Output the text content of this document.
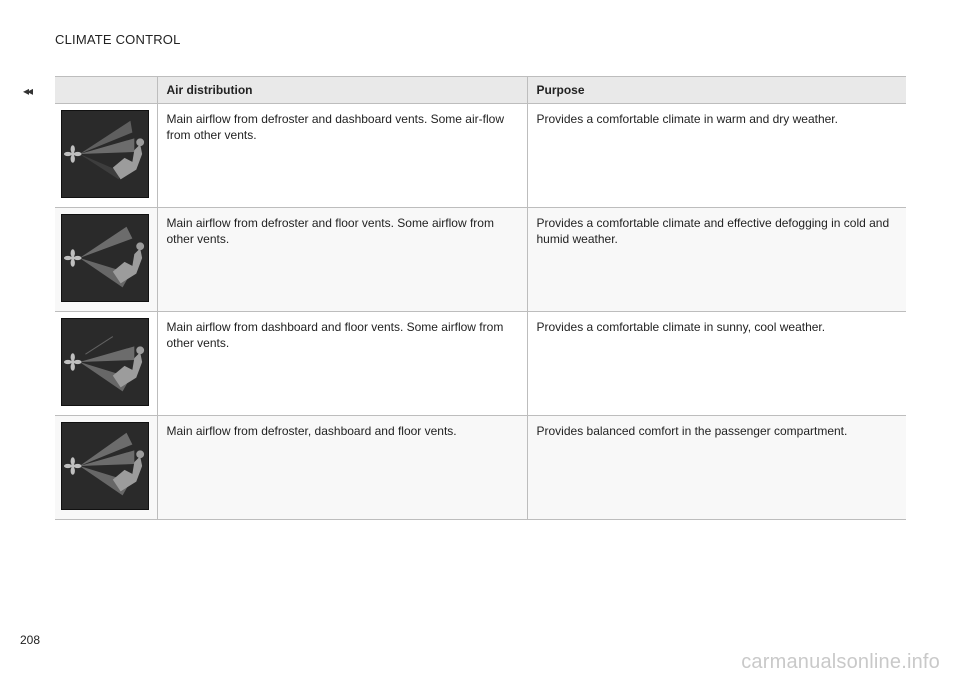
CLIMATE CONTROL
◂◂
		Air distribution	Purpose

	Main airflow from defroster and dashboard vents. Some air-flow from other vents.	Provides a comfortable climate in warm and dry weather.

	Main airflow from defroster and floor vents. Some airflow from other vents.	Provides a comfortable climate and effective defogging in cold and humid weather.

	Main airflow from dashboard and floor vents. Some airflow from other vents.	Provides a comfortable climate in sunny, cool weather.

	Main airflow from defroster, dashboard and floor vents.	Provides balanced comfort in the passenger compartment.
208
carmanualsonline.info
